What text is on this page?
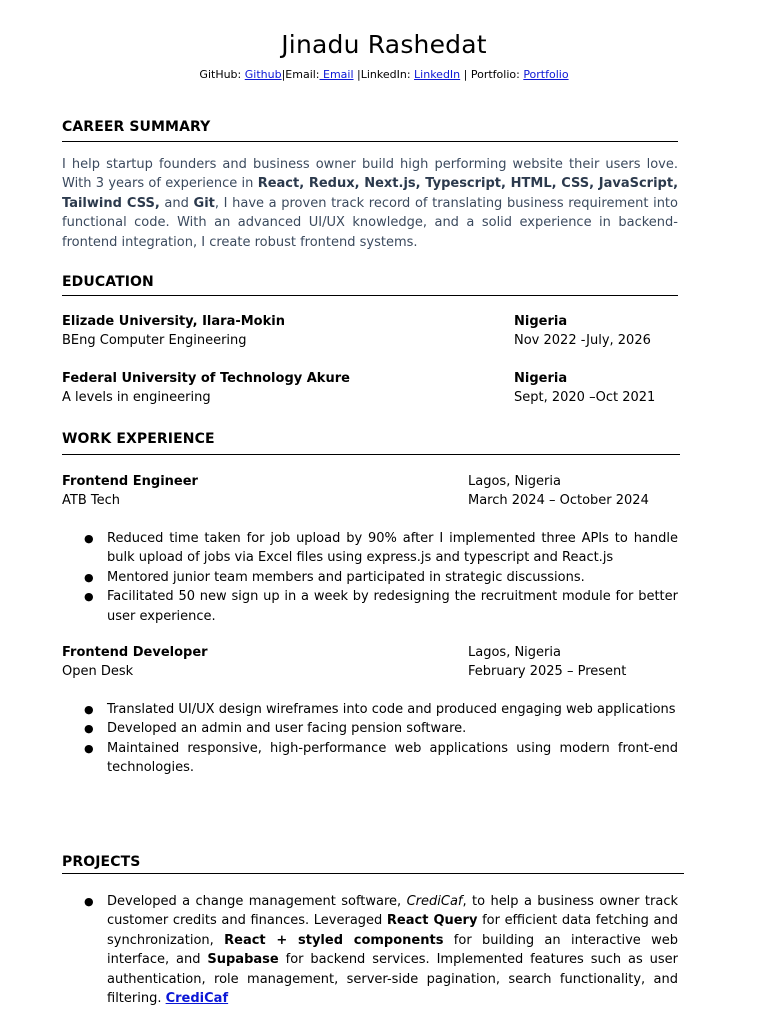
Jinadu Rashedat
GitHub: Github|Email: Email |LinkedIn: LinkedIn | Portfolio: Portfolio
CAREER SUMMARY
I help startup founders and business owner build high performing website their users love. With 3 years of experience in React, Redux, Next.js, Typescript, HTML, CSS, JavaScript, Tailwind CSS, and Git, I have a proven track record of translating business requirement into functional code. With an advanced UI/UX knowledge, and a solid experience in backend-frontend integration, I create robust frontend systems.
EDUCATION
Elizade University, Ilara-Mokin	Nigeria
BEng Computer Engineering	Nov 2022 -July, 2026
Federal University of Technology Akure	Nigeria
A levels in engineering	Sept, 2020 –Oct 2021
WORK EXPERIENCE
Frontend Engineer	Lagos, Nigeria
ATB Tech	March 2024 – October 2024
● Reduced time taken for job upload by 90% after I implemented three APIs to handle bulk upload of jobs via Excel files using express.js and typescript and React.js
● Mentored junior team members and participated in strategic discussions.
● Facilitated 50 new sign up in a week by redesigning the recruitment module for better user experience.
Frontend Developer	Lagos, Nigeria
Open Desk	February 2025 – Present
● Translated UI/UX design wireframes into code and produced engaging web applications
● Developed an admin and user facing pension software.
● Maintained responsive, high-performance web applications using modern front-end technologies.
PROJECTS
● Developed a change management software, CrediCaf, to help a business owner track customer credits and finances. Leveraged React Query for efficient data fetching and synchronization, React + styled components for building an interactive web interface, and Supabase for backend services. Implemented features such as user authentication, role management, server-side pagination, search functionality, and filtering. CrediCaf
